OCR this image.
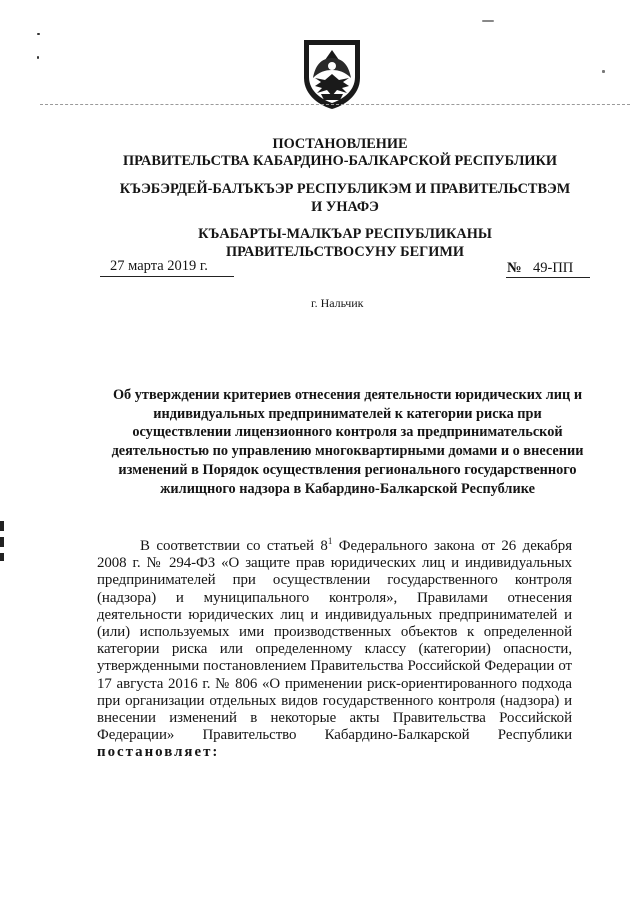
ПОСТАНОВЛЕНИЕ

ПРАВИТЕЛЬСТВА КАБАРДИНО-БАЛКАРСКОЙ РЕСПУБЛИКИ

КЪЭБЭРДЕЙ-БАЛЪКЪЭР РЕСПУБЛИКЭМ И ПРАВИТЕЛЬСТВЭМ И УНАФЭ

КЪАБАРТЫ-МАЛКЪАР РЕСПУБЛИКАНЫ ПРАВИТЕЛЬСТВОСУНУ БЕГИМИ

27 марта 2019 г.	№ 49-ПП
г. Нальчик

Об утверждении критериев отнесения деятельности юридических лиц и индивидуальных предпринимателей к категории риска при осуществлении лицензионного контроля за предпринимательской деятельностью по управлению многоквартирными домами и о внесении изменений в Порядок осуществления регионального государственного жилищного надзора в Кабардино-Балкарской Республике

В соответствии со статьей $8^1$ Федерального закона от 26 декабря 2008 г. № 294-ФЗ «О защите прав юридических лиц и индивидуальных предпринимателей при осуществлении государственного контроля (надзора) и муниципального контроля», Правилами отнесения деятельности юридических лиц и индивидуальных предпринимателей и (или) используемых ими производственных объектов к определенной категории риска или определенному классу (категории) опасности, утвержденными постановлением Правительства Российской Федерации от 17 августа 2016 г. № 806 «О применении риск-ориентированного подхода при организации отдельных видов государственного контроля (надзора) и внесении изменений в некоторые акты Правительства Российской Федерации» Правительство Кабардино-Балкарской Республики постановляет:
